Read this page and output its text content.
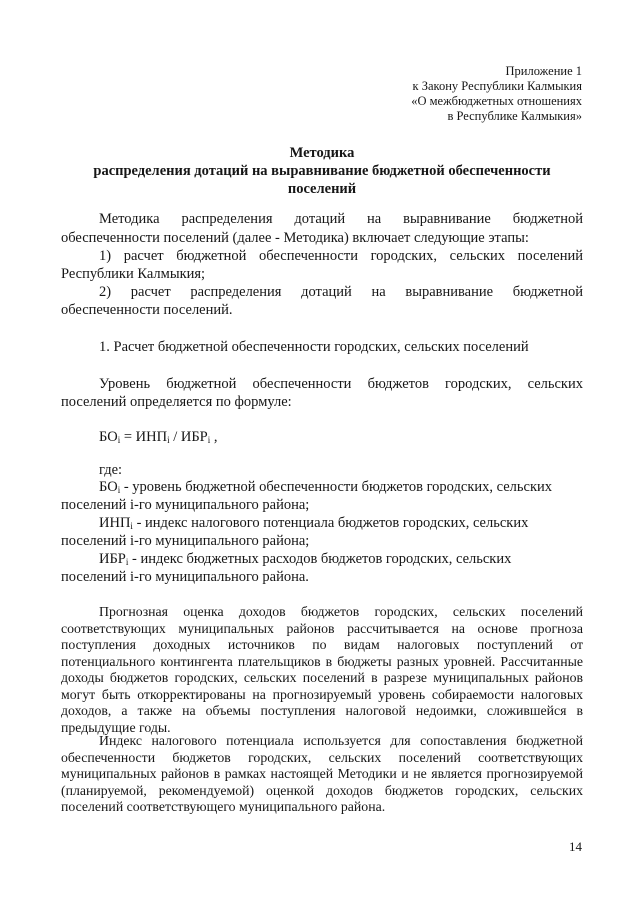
Приложение 1
к Закону Республики Калмыкия
«О межбюджетных отношениях
в Республике Калмыкия»
Методика
распределения дотаций на выравнивание бюджетной обеспеченности
поселений
Методика распределения дотаций на выравнивание бюджетной
обеспеченности поселений (далее - Методика) включает следующие этапы:
1) расчет бюджетной обеспеченности городских, сельских поселений
Республики Калмыкия;
2) расчет распределения дотаций на выравнивание бюджетной
обеспеченности поселений.
1. Расчет бюджетной обеспеченности городских, сельских поселений
Уровень бюджетной обеспеченности бюджетов городских, сельских
поселений определяется по формуле:
$БО_i = ИНП_i / ИБР_i$ ,
где:
$БО_i$ - уровень бюджетной обеспеченности бюджетов городских, сельских
поселений i-го муниципального района;
$ИНП_i$ - индекс налогового потенциала бюджетов городских, сельских
поселений i-го муниципального района;
$ИБР_i$ - индекс бюджетных расходов бюджетов городских, сельских
поселений i-го муниципального района.

Прогнозная оценка доходов бюджетов городских, сельских поселений соответствующих муниципальных районов рассчитывается на основе прогноза поступления доходных источников по видам налоговых поступлений от потенциального контингента плательщиков в бюджеты разных уровней. Рассчитанные доходы бюджетов городских, сельских поселений в разрезе муниципальных районов могут быть откорректированы на прогнозируемый уровень собираемости налоговых доходов, а также на объемы поступления налоговой недоимки, сложившейся в предыдущие годы.

Индекс налогового потенциала используется для сопоставления бюджетной обеспеченности бюджетов городских, сельских поселений соответствующих муниципальных районов в рамках настоящей Методики и не является прогнозируемой (планируемой, рекомендуемой) оценкой доходов бюджетов городских, сельских поселений соответствующего муниципального района.

14
